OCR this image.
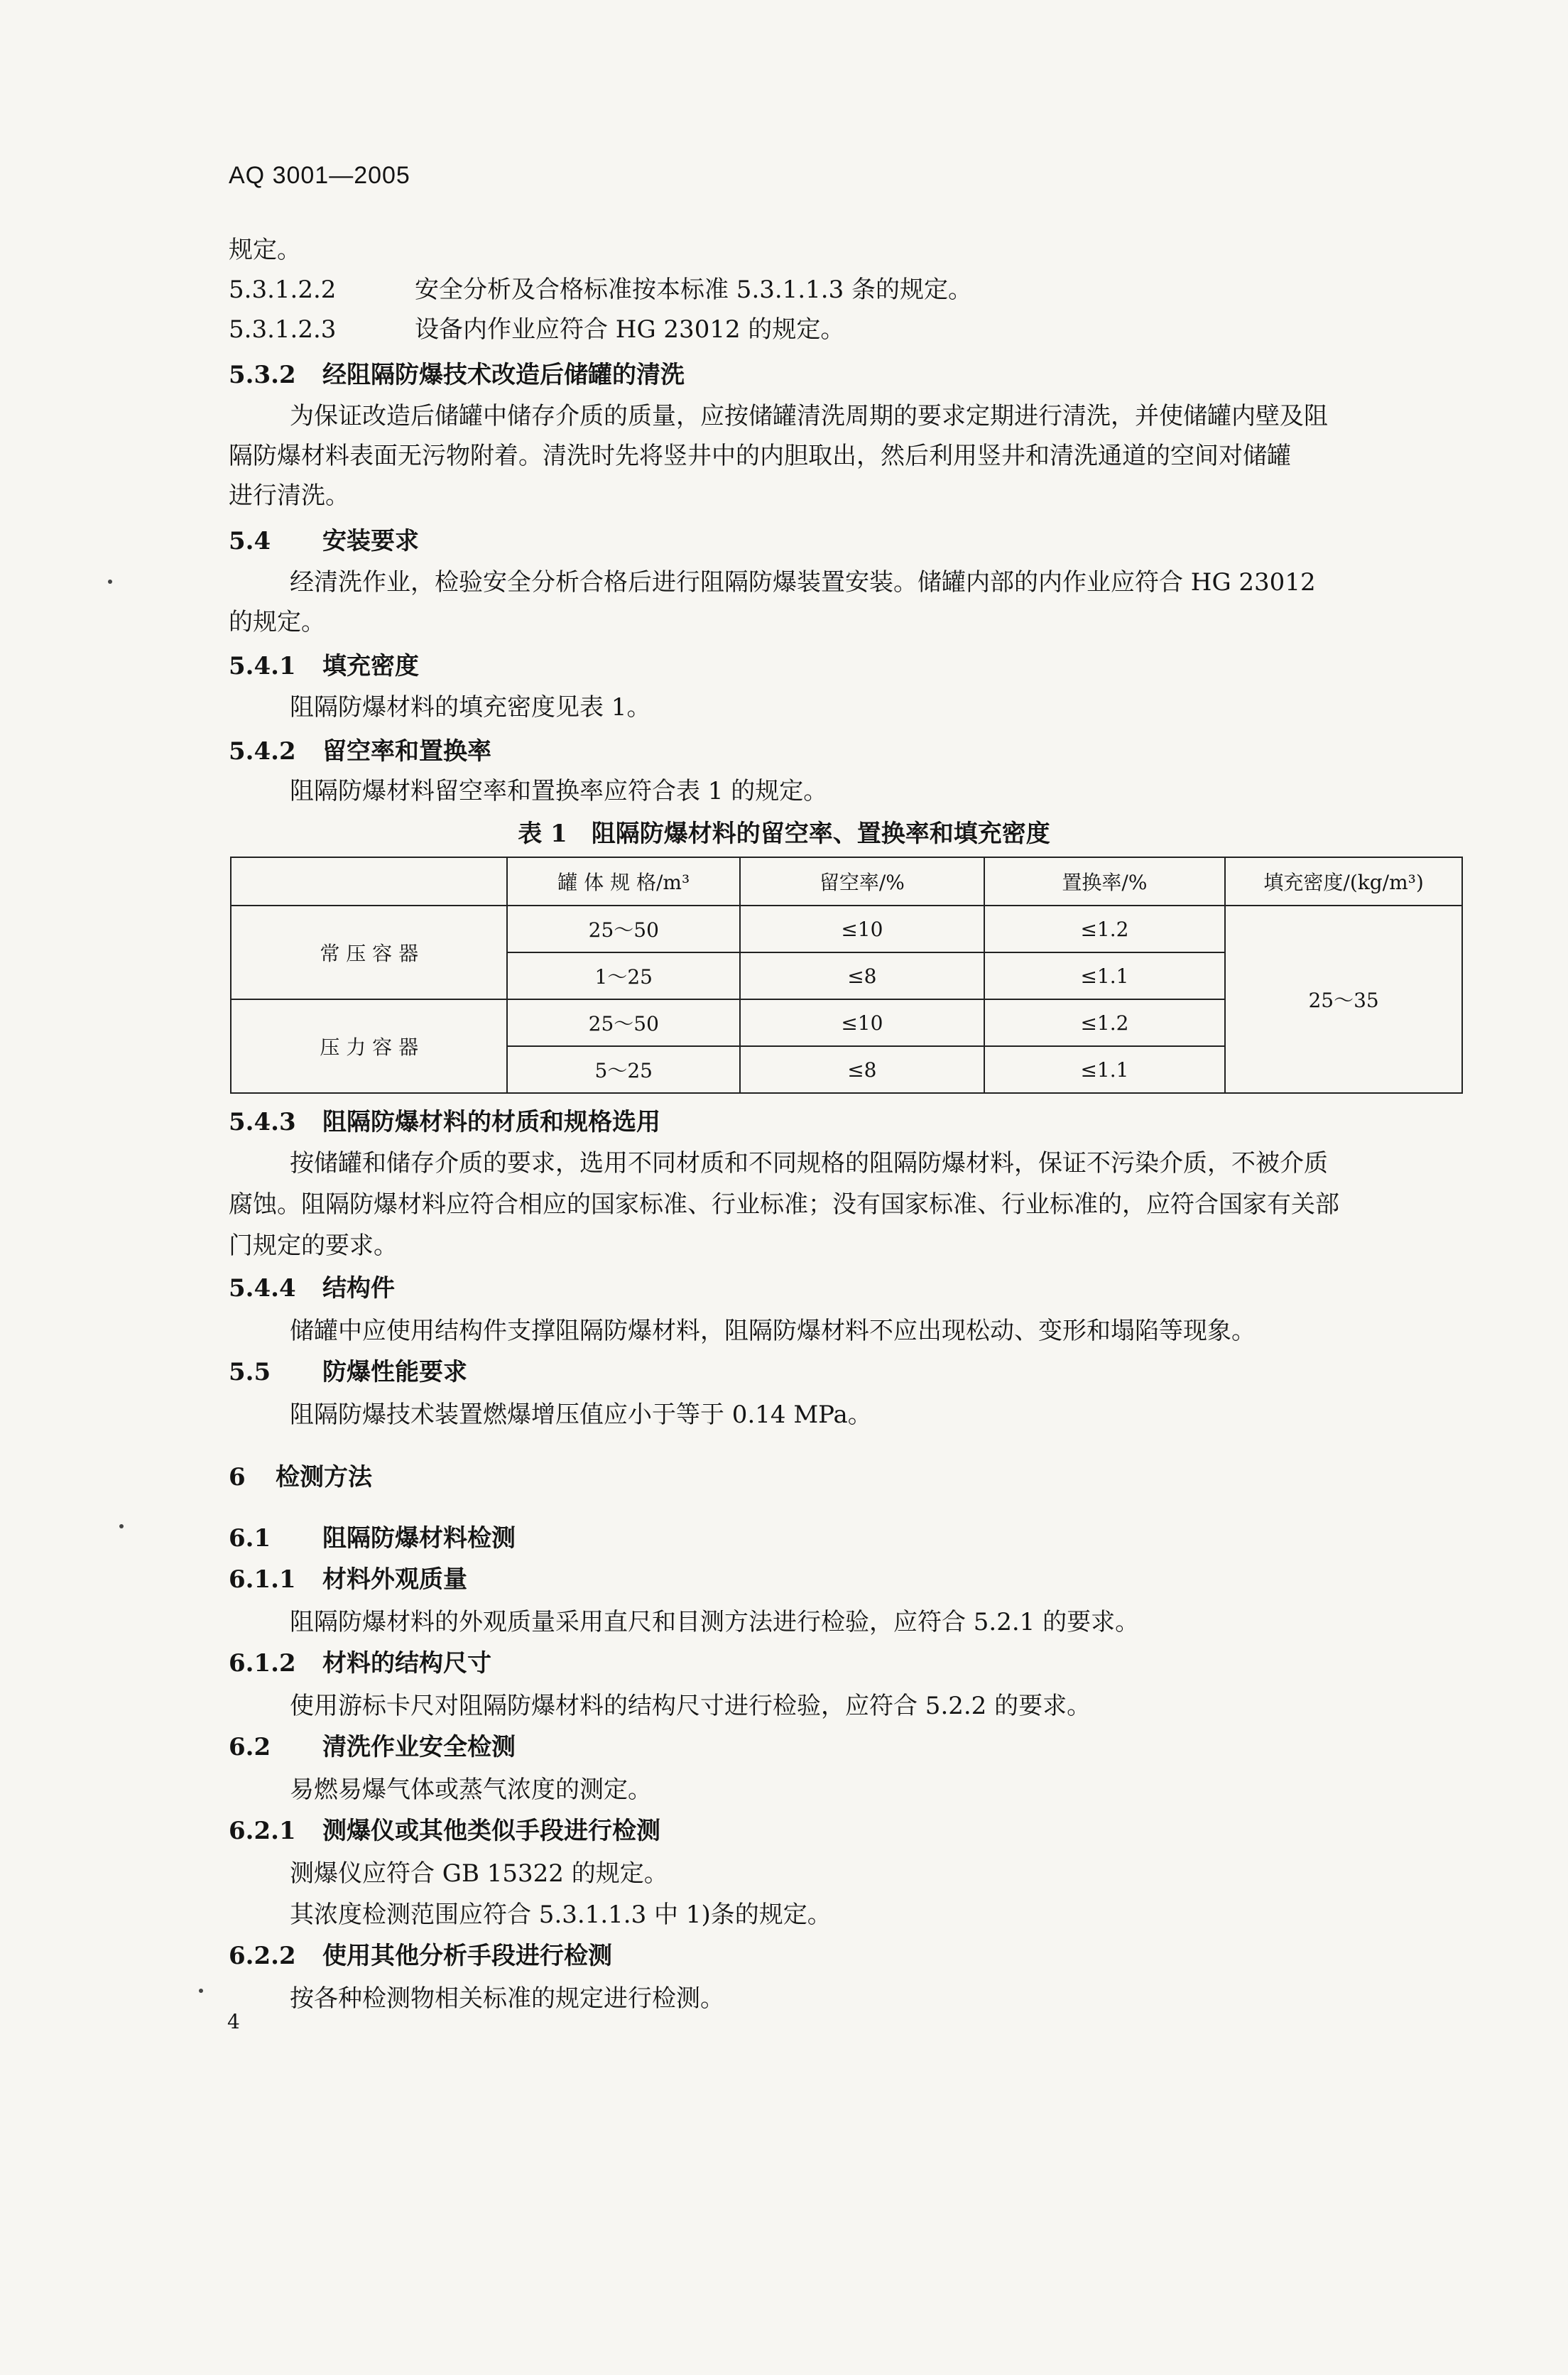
AQ 3001—2005
规定。
5.3.1.2.2	安全分析及合格标准按本标准 5.3.1.1.3 条的规定。
5.3.1.2.3	设备内作业应符合 HG 23012 的规定。
5.3.2 经阻隔防爆技术改造后储罐的清洗
为保证改造后储罐中储存介质的质量，应按储罐清洗周期的要求定期进行清洗，并使储罐内壁及阻
隔防爆材料表面无污物附着。清洗时先将竖井中的内胆取出，然后利用竖井和清洗通道的空间对储罐
进行清洗。
5.4 安装要求
经清洗作业，检验安全分析合格后进行阻隔防爆装置安装。储罐内部的内作业应符合 HG 23012
的规定。
5.4.1 填充密度
阻隔防爆材料的填充密度见表 1。
5.4.2 留空率和置换率
阻隔防爆材料留空率和置换率应符合表 1 的规定。
表 1　阻隔防爆材料的留空率、置换率和填充密度
	罐 体 规 格/m³	留空率/%	置换率/%	填充密度/(kg/m³)
常 压 容 器	25～50	≤10	≤1.2	25～35
	1～25	≤8	≤1.1	
压 力 容 器	25～50	≤10	≤1.2	
	5～25	≤8	≤1.1	
5.4.3 阻隔防爆材料的材质和规格选用
按储罐和储存介质的要求，选用不同材质和不同规格的阻隔防爆材料，保证不污染介质，不被介质
腐蚀。阻隔防爆材料应符合相应的国家标准、行业标准；没有国家标准、行业标准的，应符合国家有关部
门规定的要求。
5.4.4 结构件
储罐中应使用结构件支撑阻隔防爆材料，阻隔防爆材料不应出现松动、变形和塌陷等现象。
5.5 防爆性能要求
阻隔防爆技术装置燃爆增压值应小于等于 0.14 MPa。
6 检测方法
6.1 阻隔防爆材料检测
6.1.1 材料外观质量
阻隔防爆材料的外观质量采用直尺和目测方法进行检验，应符合 5.2.1 的要求。
6.1.2 材料的结构尺寸
使用游标卡尺对阻隔防爆材料的结构尺寸进行检验，应符合 5.2.2 的要求。
6.2 清洗作业安全检测
易燃易爆气体或蒸气浓度的测定。
6.2.1 测爆仪或其他类似手段进行检测
测爆仪应符合 GB 15322 的规定。
其浓度检测范围应符合 5.3.1.1.3 中 1)条的规定。
6.2.2 使用其他分析手段进行检测
按各种检测物相关标准的规定进行检测。
4
